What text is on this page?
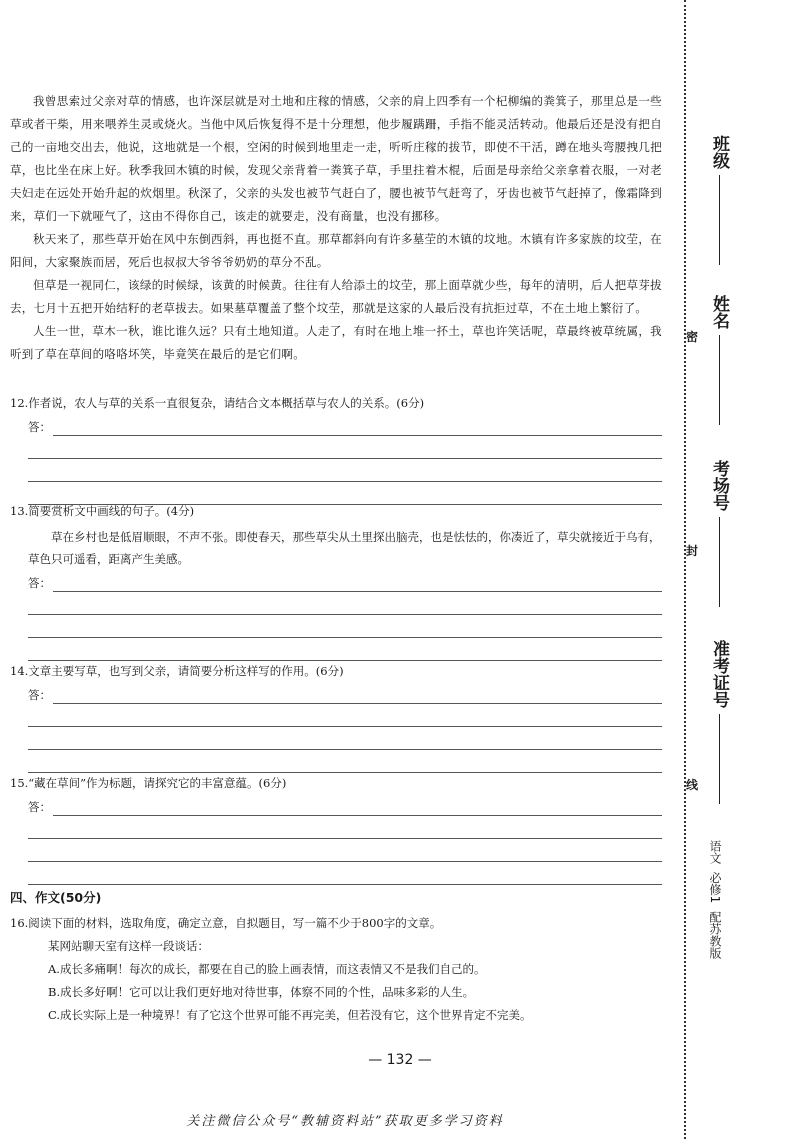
我曾思索过父亲对草的情感，也许深层就是对土地和庄稼的情感，父亲的肩上四季有一个杞柳编的粪箕子，那里总是一些草或者干柴，用来喂养生灵或烧火。当他中风后恢复得不是十分理想，他步履蹒跚，手指不能灵活转动。他最后还是没有把自己的一亩地交出去，他说，这地就是一个根，空闲的时候到地里走一走，听听庄稼的拔节，即使不干活，蹲在地头弯腰拽几把草，也比坐在床上好。秋季我回木镇的时候，发现父亲背着一粪箕子草，手里拄着木棍，后面是母亲给父亲拿着衣服，一对老夫妇走在远处开始升起的炊烟里。秋深了，父亲的头发也被节气赶白了，腰也被节气赶弯了，牙齿也被节气赶掉了，像霜降到来，草们一下就哑气了，这由不得你自己，该走的就要走，没有商量，也没有挪移。

秋天来了，那些草开始在风中东倒西斜，再也挺不直。那草都斜向有许多墓茔的木镇的坟地。木镇有许多家族的坟茔，在阳间，大家聚族而居，死后也叔叔大爷爷爷奶奶的草分不乱。

但草是一视同仁，该绿的时候绿，该黄的时候黄。往往有人给添土的坟茔，那上面草就少些，每年的清明，后人把草芽拔去，七月十五把开始结籽的老草拔去。如果墓草覆盖了整个坟茔，那就是这家的人最后没有抗拒过草，不在土地上繁衍了。

人生一世，草木一秋，谁比谁久远？只有土地知道。人走了，有时在地上堆一抔土，草也许笑话呢，草最终被草统属，我听到了草在草间的咯咯坏笑，毕竟笑在最后的是它们啊。

12.作者说，农人与草的关系一直很复杂，请结合文本概括草与农人的关系。(6分)
答：
13.简要赏析文中画线的句子。(4分)
草在乡村也是低眉顺眼，不声不张。即使春天，那些草尖从土里探出脑壳，也是怯怯的，你凑近了，草尖就接近于乌有，草色只可遥看，距离产生美感。
答：
14.文章主要写草，也写到父亲，请简要分析这样写的作用。(6分)
答：
15.“藏在草间”作为标题，请探究它的丰富意蕴。(6分)
答：
四、作文(50分)
16.阅读下面的材料，选取角度，确定立意，自拟题目，写一篇不少于800字的文章。
某网站聊天室有这样一段谈话：
A.成长多痛啊！每次的成长，都要在自己的脸上画表情，而这表情又不是我们自己的。
B.成长多好啊！它可以让我们更好地对待世事，体察不同的个性，品味多彩的人生。
C.成长实际上是一种境界！有了它这个世界可能不再完美，但若没有它，这个世界肯定不完美。
— 132 —
关注微信公众号“教辅资料站”获取更多学习资料
班级
姓名
考场号
准考证号
密
封
线
语文  必修1  配苏教版
